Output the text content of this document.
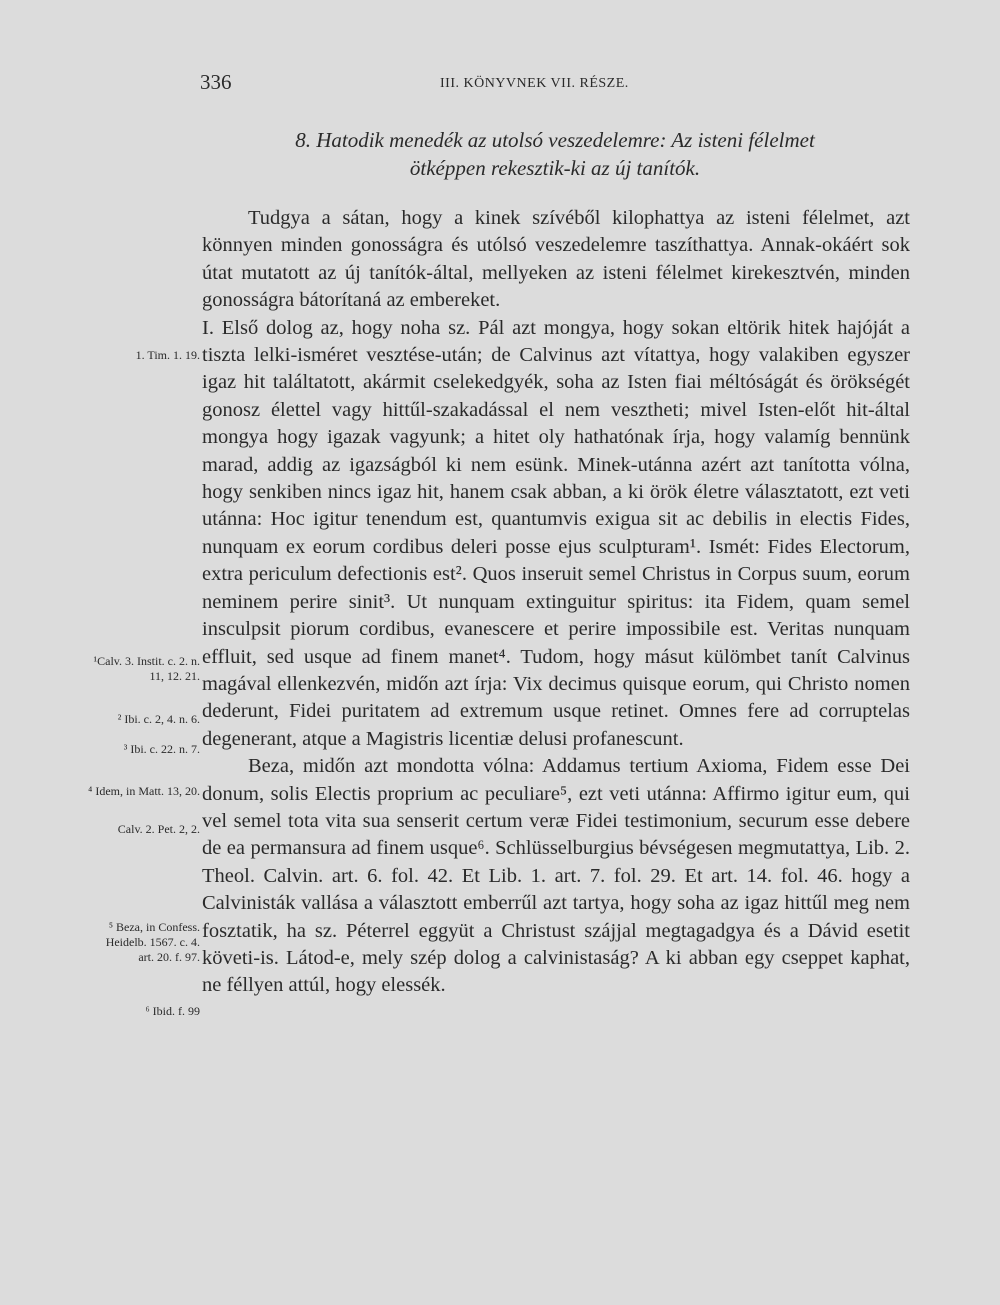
336	III. KÖNYVNEK VII. RÉSZE.
8. Hatodik menedék az utolsó veszedelemre: Az isteni félelmet
ötképpen rekesztik-ki az új tanítók.

Tudgya a sátan, hogy a kinek szívéből kilophattya az isteni félelmet, azt könnyen minden gonosságra és utólsó veszedelemre taszíthattya. Annak-okáért sok útat mutatott az új tanítók-által, mellyeken az isteni félelmet kirekesztvén, minden gonosságra bátorítaná az embereket.

I. Első dolog az, hogy noha sz. Pál azt mongya, hogy sokan eltörik hitek hajóját a tiszta lelki-isméret vesztése-után; de Calvinus azt vítattya, hogy valakiben egyszer igaz hit találtatott, akármit cselekedgyék, soha az Isten fiai méltóságát és örökségét gonosz élettel vagy hittűl-szakadással el nem vesztheti; mivel Isten-előt hit-által mongya hogy igazak vagyunk; a hitet oly hathatónak írja, hogy valamíg bennünk marad, addig az igazságból ki nem esünk. Minek-utánna azért azt tanította vólna, hogy senkiben nincs igaz hit, hanem csak abban, a ki örök életre választatott, ezt veti utánna: Hoc igitur tenendum est, quantumvis exigua sit ac debilis in electis Fides, nunquam ex eorum cordibus deleri posse ejus sculpturam¹. Ismét: Fides Electorum, extra periculum defectionis est². Quos inseruit semel Christus in Corpus suum, eorum neminem perire sinit³. Ut nunquam extinguitur spiritus: ita Fidem, quam semel insculpsit piorum cordibus, evanescere et perire impossibile est. Veritas nunquam effluit, sed usque ad finem manet⁴. Tudom, hogy másut külömbet tanít Calvinus magával ellenkezvén, midőn azt írja: Vix decimus quisque eorum, qui Christo nomen dederunt, Fidei puritatem ad extremum usque retinet. Omnes fere ad corruptelas degenerant, atque a Magistris licentiæ delusi profanescunt.

Beza, midőn azt mondotta vólna: Addamus tertium Axioma, Fidem esse Dei donum, solis Electis proprium ac peculiare⁵, ezt veti utánna: Affirmo igitur eum, qui vel semel tota vita sua senserit certum veræ Fidei testimonium, securum esse debere de ea permansura ad finem usque⁶. Schlüsselburgius bévségesen megmutattya, Lib. 2. Theol. Calvin. art. 6. fol. 42. Et Lib. 1. art. 7. fol. 29. Et art. 14. fol. 46. hogy a Calvinisták vallása a választott emberrűl azt tartya, hogy soha az igaz hittűl meg nem fosztatik, ha sz. Péterrel eggyüt a Christust szájjal megtagadgya és a Dávid esetit követi-is. Látod-e, mely szép dolog a calvinistaság? A ki abban egy cseppet kaphat, ne féllyen attúl, hogy elessék.

1. Tim. 1. 19.
¹Calv. 3. Instit. c. 2. n. 11, 12. 21.
² Ibi. c. 2, 4. n. 6.
³ Ibi. c. 22. n. 7.
⁴ Idem, in Matt. 13, 20.
Calv. 2. Pet. 2, 2.
⁵ Beza, in Confess. Heidelb. 1567. c. 4. art. 20. f. 97.
⁶ Ibid. f. 99
